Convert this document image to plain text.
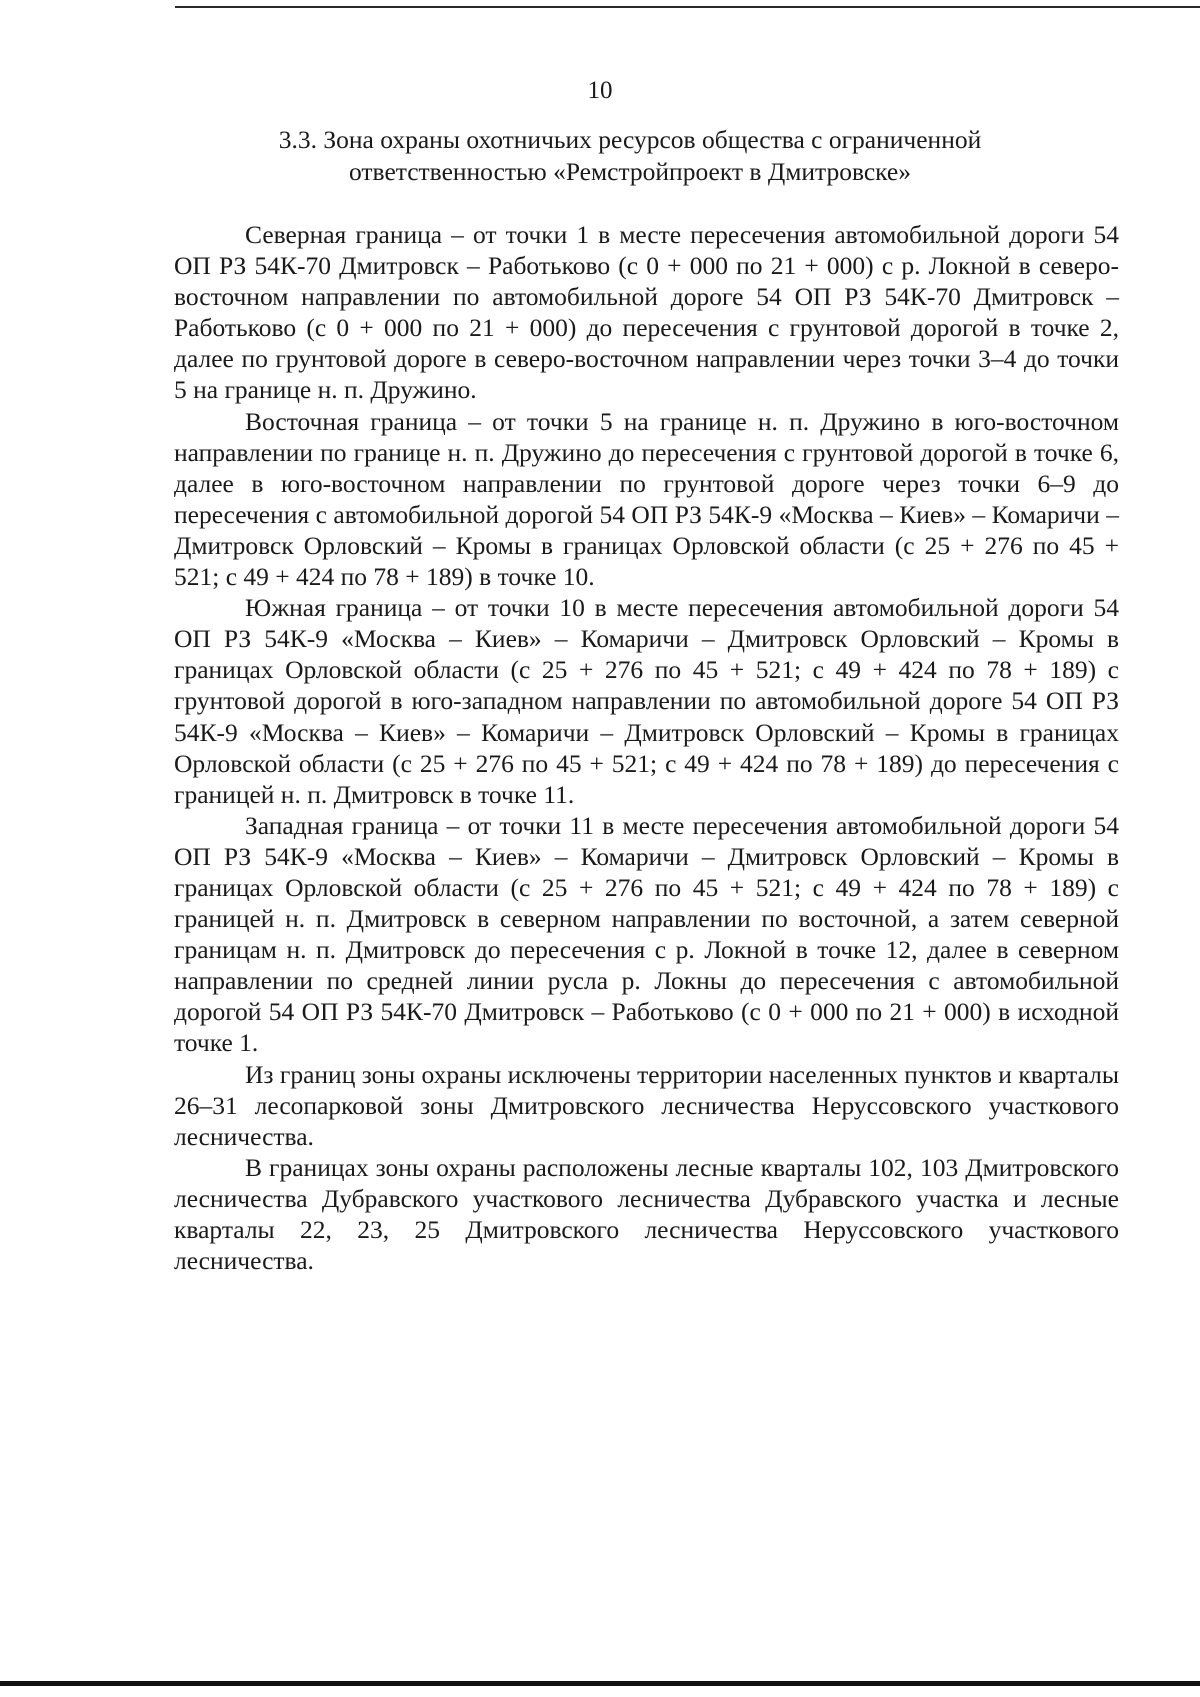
10
3.3. Зона охраны охотничьих ресурсов общества с ограниченной
ответственностью «Ремстройпроект в Дмитровске»

Северная граница – от точки 1 в месте пересечения автомобильной дороги 54 ОП РЗ 54К-70 Дмитровск – Работьково (с 0 + 000 по 21 + 000) с р. Локной в северо-восточном направлении по автомобильной дороге 54 ОП РЗ 54К-70 Дмитровск – Работьково (с 0 + 000 по 21 + 000) до пересечения с грунтовой дорогой в точке 2, далее по грунтовой дороге в северо-восточном направлении через точки 3–4 до точки 5 на границе н. п. Дружино.

Восточная граница – от точки 5 на границе н. п. Дружино в юго-восточном направлении по границе н. п. Дружино до пересечения с грунтовой дорогой в точке 6, далее в юго-восточном направлении по грунтовой дороге через точки 6–9 до пересечения с автомобильной дорогой 54 ОП РЗ 54К-9 «Москва – Киев» – Комаричи – Дмитровск Орловский – Кромы в границах Орловской области (с 25 + 276 по 45 + 521; с 49 + 424 по 78 + 189) в точке 10.

Южная граница – от точки 10 в месте пересечения автомобильной дороги 54 ОП РЗ 54К-9 «Москва – Киев» – Комаричи – Дмитровск Орловский – Кромы в границах Орловской области (с 25 + 276 по 45 + 521; с 49 + 424 по 78 + 189) с грунтовой дорогой в юго-западном направлении по автомобильной дороге 54 ОП РЗ 54К-9 «Москва – Киев» – Комаричи – Дмитровск Орловский – Кромы в границах Орловской области (с 25 + 276 по 45 + 521; с 49 + 424 по 78 + 189) до пересечения с границей н. п. Дмитровск в точке 11.

Западная граница – от точки 11 в месте пересечения автомобильной дороги 54 ОП РЗ 54К-9 «Москва – Киев» – Комаричи – Дмитровск Орловский – Кромы в границах Орловской области (с 25 + 276 по 45 + 521; с 49 + 424 по 78 + 189) с границей н. п. Дмитровск в северном направлении по восточной, а затем северной границам н. п. Дмитровск до пересечения с р. Локной в точке 12, далее в северном направлении по средней линии русла р. Локны до пересечения с автомобильной дорогой 54 ОП РЗ 54К-70 Дмитровск – Работьково (с 0 + 000 по 21 + 000) в исходной точке 1.

Из границ зоны охраны исключены территории населенных пунктов и кварталы 26–31 лесопарковой зоны Дмитровского лесничества Неруссовского участкового лесничества.

В границах зоны охраны расположены лесные кварталы 102, 103 Дмитровского лесничества Дубравского участкового лесничества Дубравского участка и лесные кварталы 22, 23, 25 Дмитровского лесничества Неруссовского участкового лесничества.
